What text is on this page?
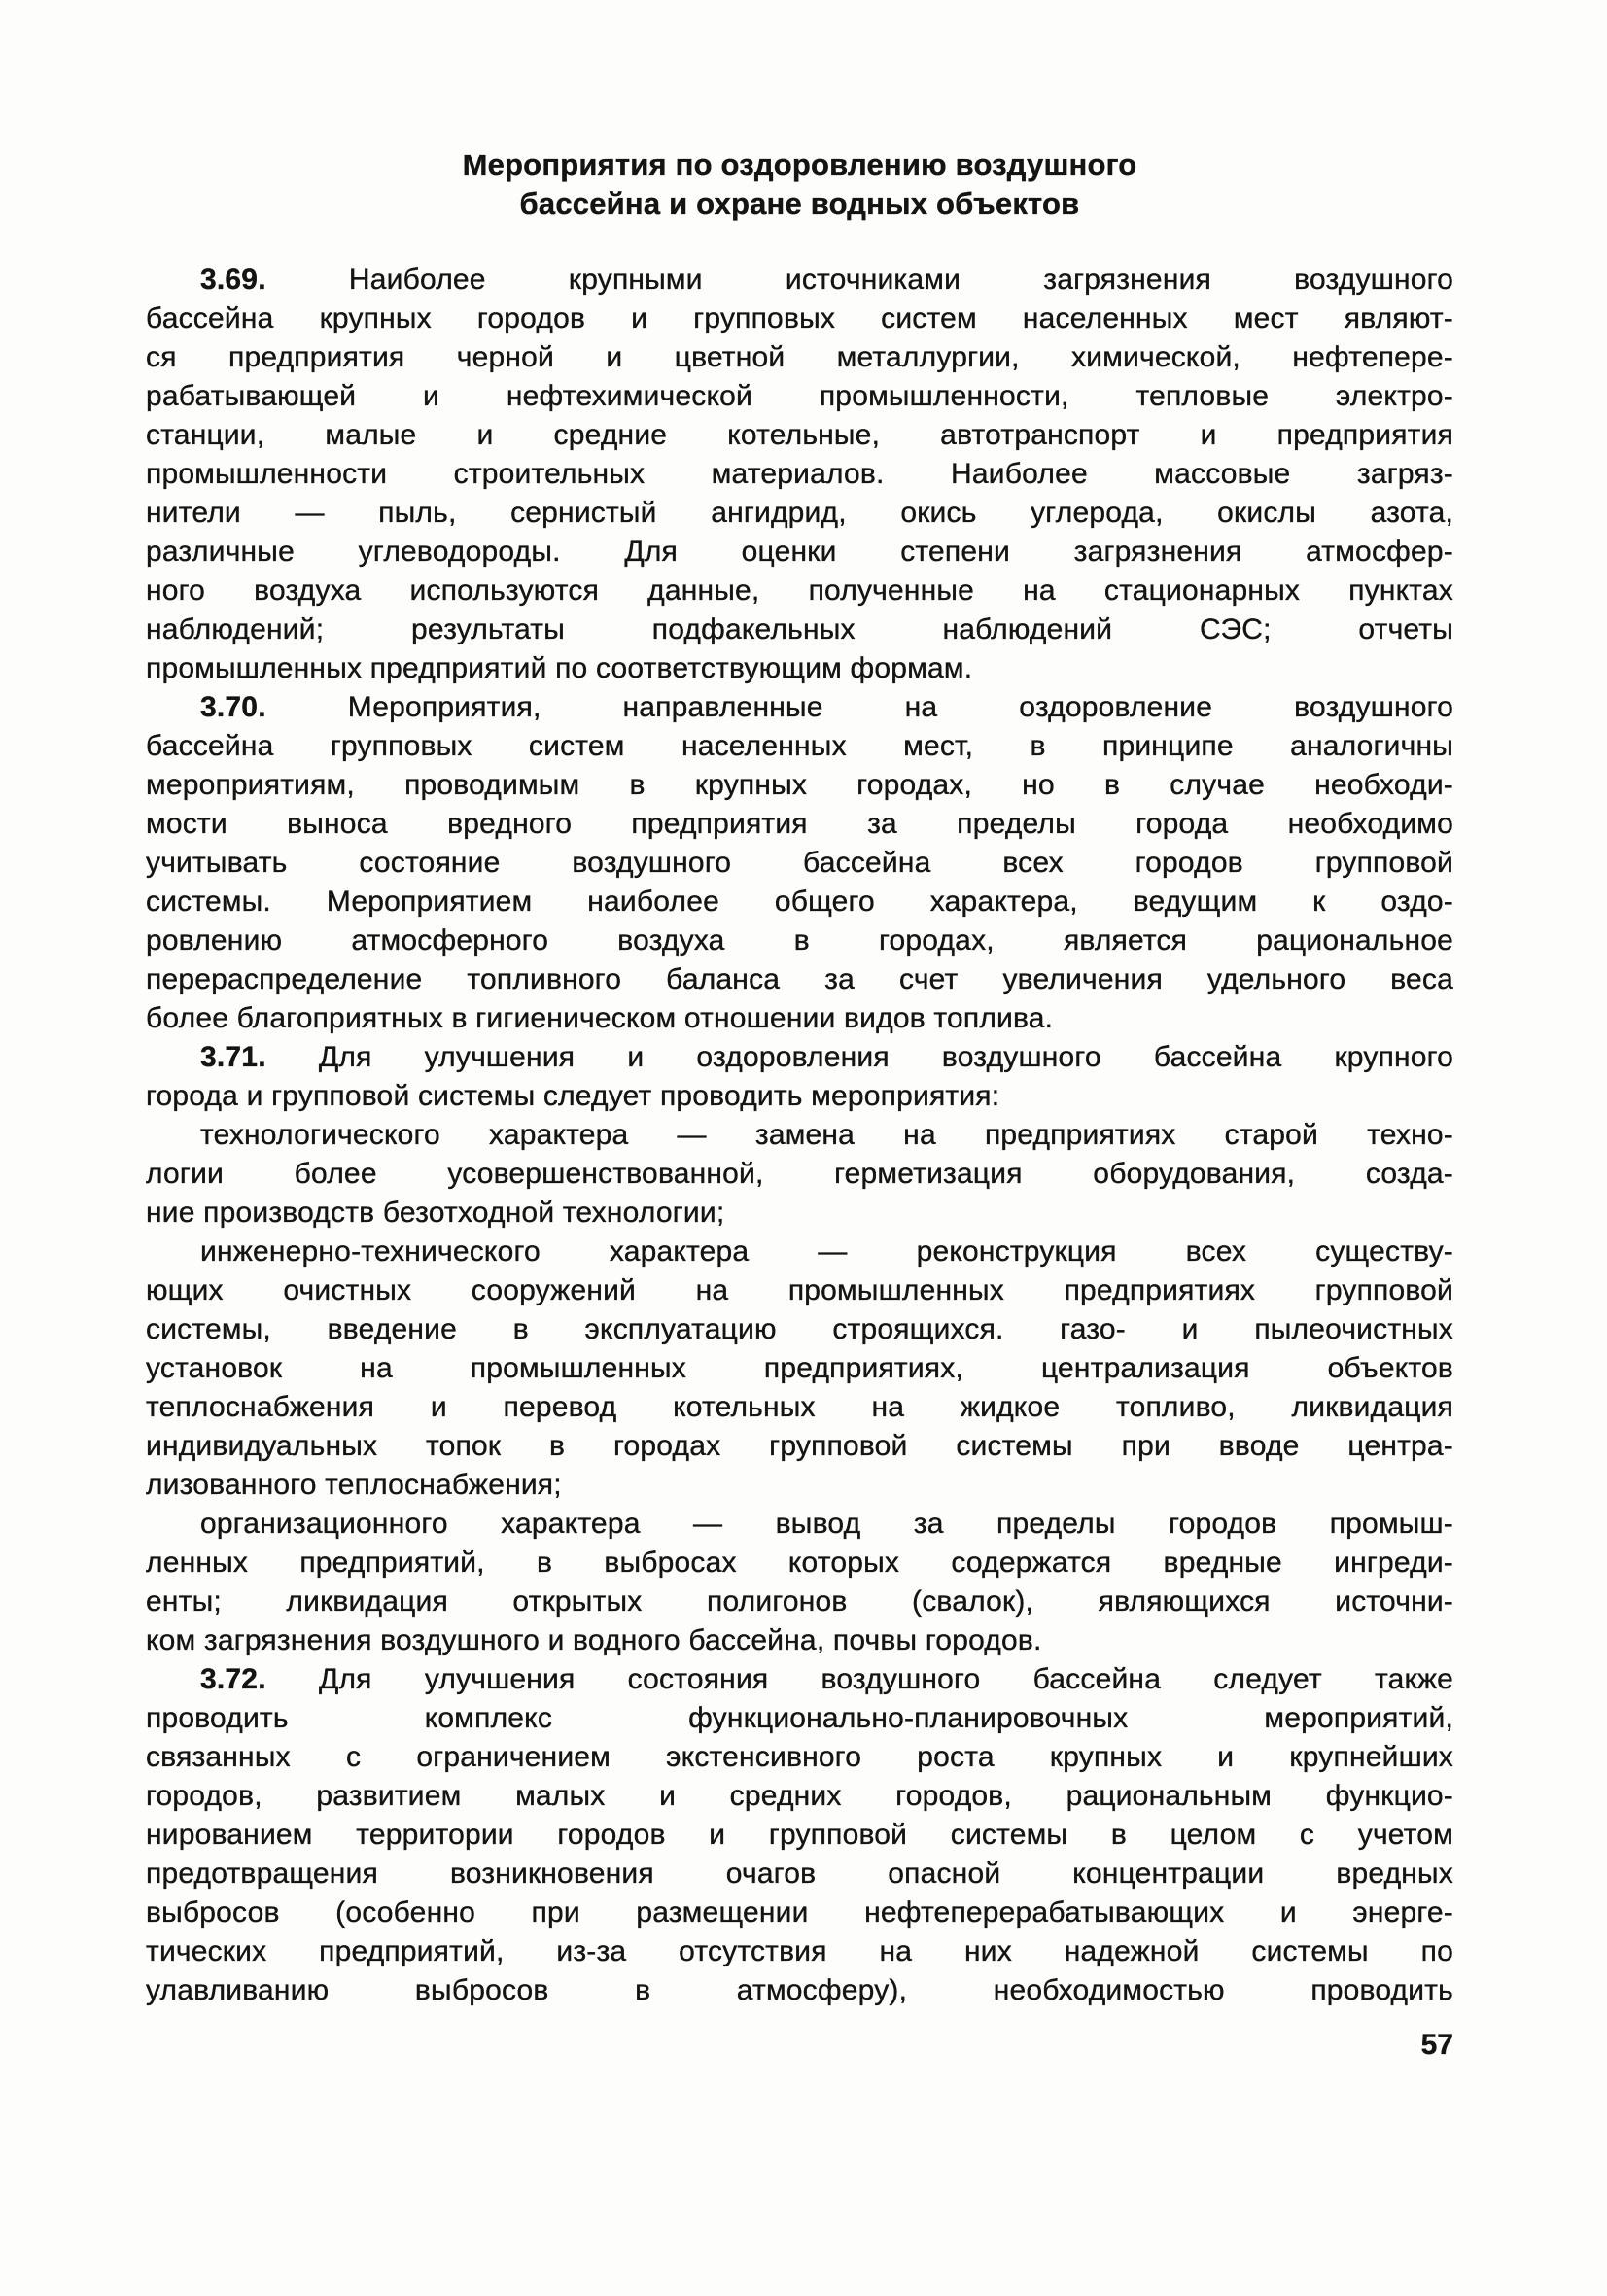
Мероприятия по оздоровлению воздушного
бассейна и охране водных объектов
3.69. Наиболее крупными источниками загрязнения воздушного
бассейна крупных городов и групповых систем населенных мест являют-
ся предприятия черной и цветной металлургии, химической, нефтепере-
рабатывающей и нефтехимической промышленности, тепловые электро-
станции, малые и средние котельные, автотранспорт и предприятия
промышленности строительных материалов. Наиболее массовые загряз-
нители — пыль, сернистый ангидрид, окись углерода, окислы азота,
различные углеводороды. Для оценки степени загрязнения атмосфер-
ного воздуха используются данные, полученные на стационарных пунктах
наблюдений; результаты подфакельных наблюдений СЭС; отчеты
промышленных предприятий по соответствующим формам.
3.70. Мероприятия, направленные на оздоровление воздушного
бассейна групповых систем населенных мест, в принципе аналогичны
мероприятиям, проводимым в крупных городах, но в случае необходи-
мости выноса вредного предприятия за пределы города необходимо
учитывать состояние воздушного бассейна всех городов групповой
системы. Мероприятием наиболее общего характера, ведущим к оздо-
ровлению атмосферного воздуха в городах, является рациональное
перераспределение топливного баланса за счет увеличения удельного веса
более благоприятных в гигиеническом отношении видов топлива.
3.71. Для улучшения и оздоровления воздушного бассейна крупного
города и групповой системы следует проводить мероприятия:
технологического характера — замена на предприятиях старой техно-
логии более усовершенствованной, герметизация оборудования, созда-
ние производств безотходной технологии;
инженерно-технического характера — реконструкция всех существу-
ющих очистных сооружений на промышленных предприятиях групповой
системы, введение в эксплуатацию строящихся. газо- и пылеочистных
установок на промышленных предприятиях, централизация объектов
теплоснабжения и перевод котельных на жидкое топливо, ликвидация
индивидуальных топок в городах групповой системы при вводе центра-
лизованного теплоснабжения;
организационного характера — вывод за пределы городов промыш-
ленных предприятий, в выбросах которых содержатся вредные ингреди-
енты; ликвидация открытых полигонов (свалок), являющихся источни-
ком загрязнения воздушного и водного бассейна, почвы городов.
3.72. Для улучшения состояния воздушного бассейна следует также
проводить комплекс функционально-планировочных мероприятий,
связанных с ограничением экстенсивного роста крупных и крупнейших
городов, развитием малых и средних городов, рациональным функцио-
нированием территории городов и групповой системы в целом с учетом
предотвращения возникновения очагов опасной концентрации вредных
выбросов (особенно при размещении нефтеперерабатывающих и энерге-
тических предприятий, из-за отсутствия на них надежной системы по
улавливанию выбросов в атмосферу), необходимостью проводить
57
